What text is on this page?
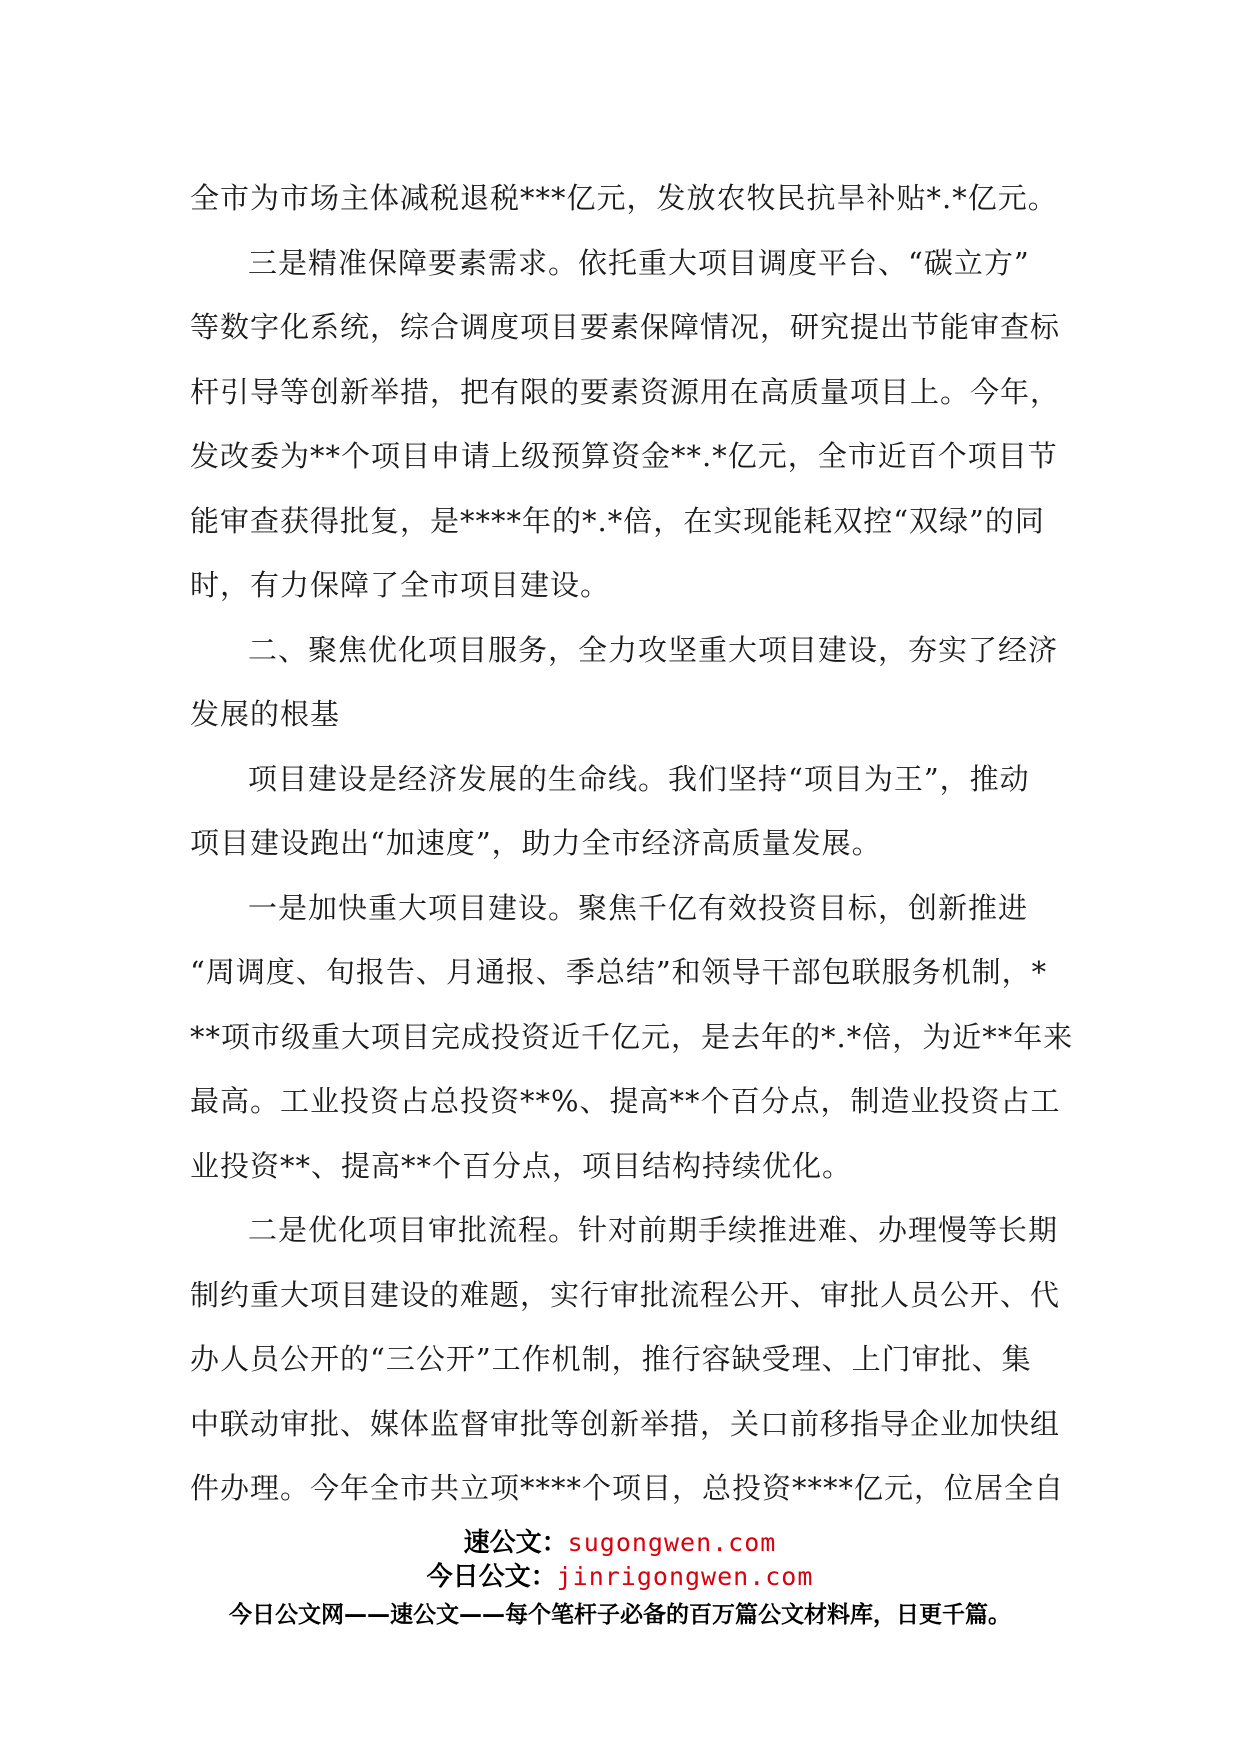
全市为市场主体减税退税***亿元，发放农牧民抗旱补贴*.*亿元。
三是精准保障要素需求。依托重大项目调度平台、“碳立方”
等数字化系统，综合调度项目要素保障情况，研究提出节能审查标
杆引导等创新举措，把有限的要素资源用在高质量项目上。今年，
发改委为**个项目申请上级预算资金**.*亿元，全市近百个项目节
能审查获得批复，是****年的*.*倍，在实现能耗双控“双绿”的同
时，有力保障了全市项目建设。
二、聚焦优化项目服务，全力攻坚重大项目建设，夯实了经济
发展的根基
项目建设是经济发展的生命线。我们坚持“项目为王”，推动
项目建设跑出“加速度”，助力全市经济高质量发展。
一是加快重大项目建设。聚焦千亿有效投资目标，创新推进
“周调度、旬报告、月通报、季总结”和领导干部包联服务机制，*
**项市级重大项目完成投资近千亿元，是去年的*.*倍，为近**年来
最高。工业投资占总投资**%、提高**个百分点，制造业投资占工
业投资**、提高**个百分点，项目结构持续优化。
二是优化项目审批流程。针对前期手续推进难、办理慢等长期
制约重大项目建设的难题，实行审批流程公开、审批人员公开、代
办人员公开的“三公开”工作机制，推行容缺受理、上门审批、集
中联动审批、媒体监督审批等创新举措，关口前移指导企业加快组
件办理。今年全市共立项****个项目，总投资****亿元，位居全自
速公文：sugongwen.com
今日公文：jinrigongwen.com
今日公文网——速公文——每个笔杆子必备的百万篇公文材料库，日更千篇。
